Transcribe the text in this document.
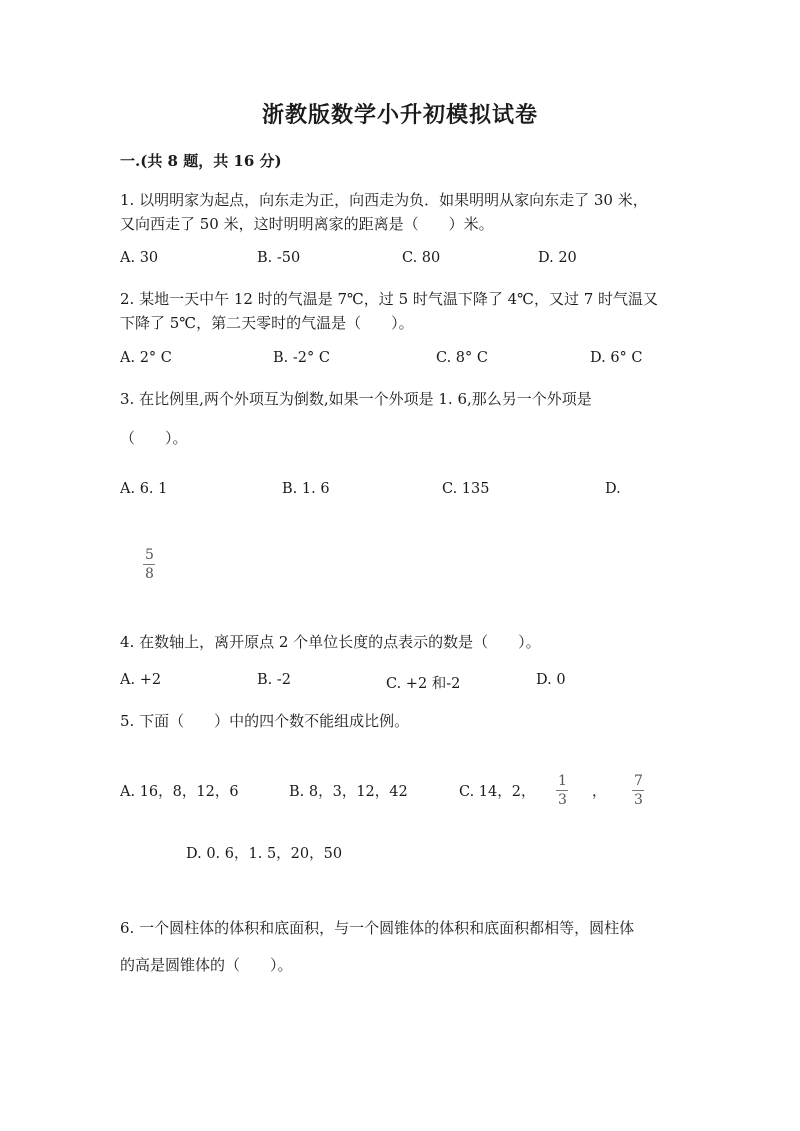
浙教版数学小升初模拟试卷
一.(共 8 题，共 16 分)
1. 以明明家为起点，向东走为正，向西走为负．如果明明从家向东走了 30 米，
又向西走了 50 米，这时明明离家的距离是（　　）米。
A. 30	B. -50	C. 80	D. 20
2. 某地一天中午 12 时的气温是 7℃，过 5 时气温下降了 4℃，又过 7 时气温又
下降了 5℃，第二天零时的气温是（　　）。
A. 2° C	B. -2° C	C. 8° C	D. 6° C
3. 在比例里,两个外项互为倒数,如果一个外项是 1. 6,那么另一个外项是
（　　）。
A. 6. 1	B. 1. 6	C. 135	D.
5
8
4. 在数轴上，离开原点 2 个单位长度的点表示的数是（　　）。
A. +2	B. -2	C. +2 和-2	D. 0
5. 下面（　　）中的四个数不能组成比例。
A. 16，8，12，6	B. 8，3，12，42	C. 14，2，
1
3 ，
7
3
D. 0. 6，1. 5，20，50
6. 一个圆柱体的体积和底面积，与一个圆锥体的体积和底面积都相等，圆柱体
的高是圆锥体的（　　）。
